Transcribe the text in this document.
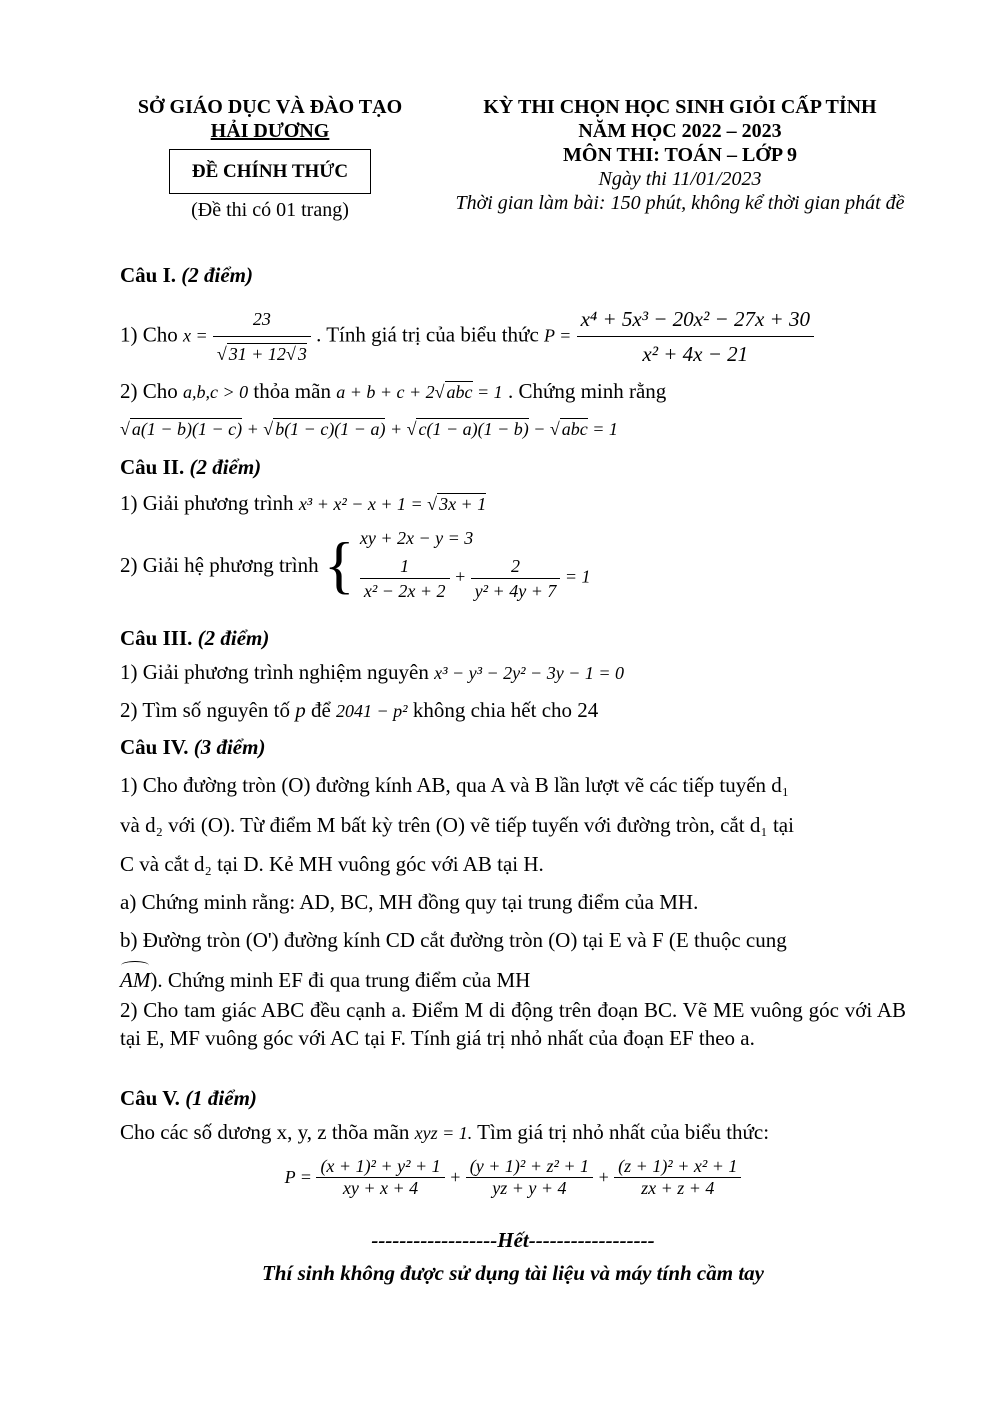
SỞ GIÁO DỤC VÀ ĐÀO TẠO
HẢI DƯƠNG
ĐỀ CHÍNH THỨC
(Đề thi có 01 trang)
KỲ THI CHỌN HỌC SINH GIỎI CẤP TỈNH
NĂM HỌC 2022 – 2023
MÔN THI: TOÁN – LỚP 9
Ngày thi 11/01/2023
Thời gian làm bài: 150 phút, không kể thời gian phát đề
Câu I. (2 điểm)
1) Cho $x = \frac{23}{√ 31 + 12√ 3}$ . Tính giá trị của biểu thức $P = \frac{\text{x⁴ + 5x³ − 20x² − 27x + 30}}{\text{x² + 4x − 21}}$
2) Cho a,b,c > 0 thỏa mãn a + b + c + 2√ abc = 1 . Chứng minh rằng
√ a(1 − b)(1 − c) + √ b(1 − c)(1 − a) + √ c(1 − a)(1 − b) − √ abc = 1
Câu II. (2 điểm)
1) Giải phương trình x³ + x² − x + 1 = √ 3x + 1
2) Giải hệ phương trình { xy + 2x − y = 3
$\frac{1}{\text{x² − 2x + 2}} + \frac{2}{\text{y² + 4y + 7}} = 1$
Câu III. (2 điểm)
1) Giải phương trình nghiệm nguyên x³ − y³ − 2y² − 3y − 1 = 0
2) Tìm số nguyên tố p để 2041 − p² không chia hết cho 24
Câu IV. (3 điểm)
1) Cho đường tròn (O) đường kính AB, qua A và B lần lượt vẽ các tiếp tuyến d₁
và d₂ với (O). Từ điểm M bất kỳ trên (O) vẽ tiếp tuyến với đường tròn, cắt d₁ tại
C và cắt d₂ tại D. Kẻ MH vuông góc với AB tại H.
a) Chứng minh rằng: AD, BC, MH đồng quy tại trung điểm của MH.
b) Đường tròn (O') đường kính CD cắt đường tròn (O) tại E và F (E thuộc cung
AM). Chứng minh EF đi qua trung điểm của MH
2) Cho tam giác ABC đều cạnh a. Điểm M di động trên đoạn BC. Vẽ ME vuông góc với AB tại E, MF vuông góc với AC tại F. Tính giá trị nhỏ nhất của đoạn EF theo a.
Câu V. (1 điểm)
Cho các số dương x, y, z thõa mãn xyz = 1. Tìm giá trị nhỏ nhất của biểu thức:
$P = \frac{\text{(x + 1)² + y² + 1}}{xy + x + 4} + \frac{\text{(y + 1)² + z² + 1}}{yz + y + 4} + \frac{\text{(z + 1)² + x² + 1}}{zx + z + 4}$
------------------Hết------------------
Thí sinh không được sử dụng tài liệu và máy tính cầm tay
